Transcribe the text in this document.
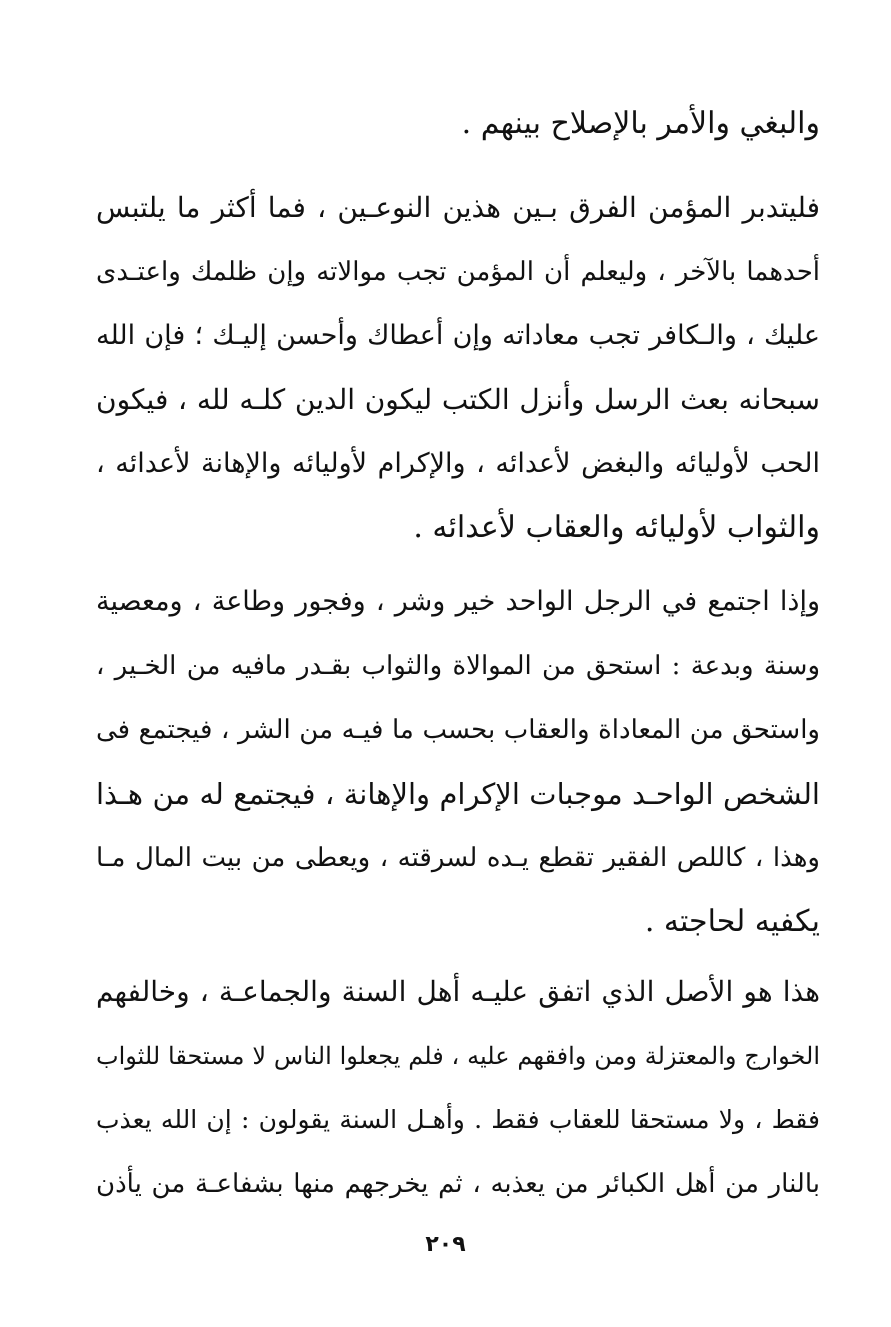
والبغي والأمر بالإصلاح بينهم .

فليتدبر المؤمن الفرق بـين هذين النوعـين ، فما أكثر ما يلتبس
أحدهما بالآخر ، وليعلم أن المؤمن تجب موالاته وإن ظلمك واعتـدى
عليك ، والـكافر تجب معاداته وإن أعطاك وأحسن إليـك ؛ فإن الله
سبحانه بعث الرسل وأنزل الكتب ليكون الدين كلـه لله ، فيكون
الحب لأوليائه والبغض لأعدائه ، والإكرام لأوليائه والإهانة لأعدائه ،
والثواب لأوليائه والعقاب لأعدائه .

وإذا اجتمع في الرجل الواحد خير وشر ، وفجور وطاعة ، ومعصية
وسنة وبدعة : استحق من الموالاة والثواب بقـدر مافيه من الخـير ،
واستحق من المعاداة والعقاب بحسب ما فيـه من الشر ، فيجتمع فى
الشخص الواحـد موجبات الإكرام والإهانة ، فيجتمع له من هـذا
وهذا ، كاللص الفقير تقطع يـده لسرقته ، ويعطى من بيت المال مـا
يكفيه لحاجته .

هذا هو الأصل الذي اتفق عليـه أهل السنة والجماعـة ، وخالفهم
الخوارج والمعتزلة ومن وافقهم عليه ، فلم يجعلوا الناس لا مستحقا للثواب
فقط ، ولا مستحقا للعقاب فقط . وأهـل السنة يقولون : إن الله يعذب
بالنار من أهل الكبائر من يعذبه ، ثم يخرجهم منها بشفاعـة من يأذن

٢٠٩
